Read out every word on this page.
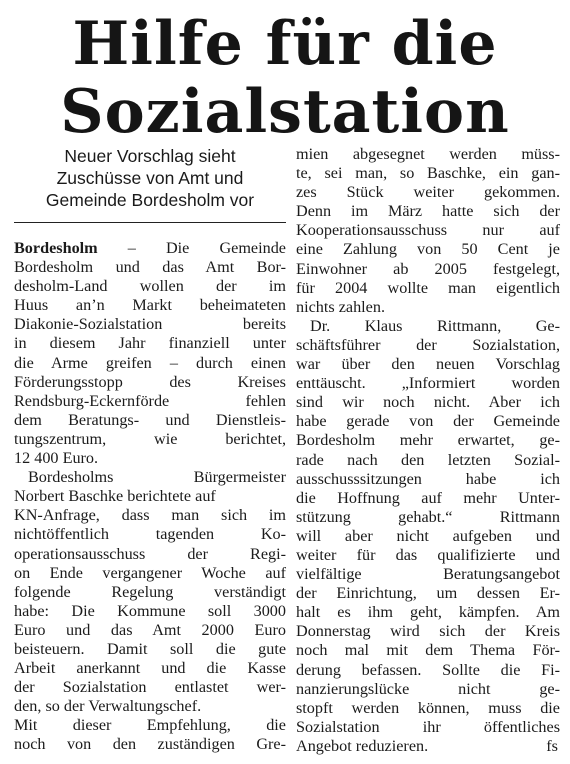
Hilfe für die
Sozialstation
Neuer Vorschlag sieht
Zuschüsse von Amt und
Gemeinde Bordesholm vor
Bordesholm – Die Gemeinde
Bordesholm und das Amt Bor-
desholm-Land wollen der im
Huus an’n Markt beheimateten
Diakonie-Sozialstation bereits
in diesem Jahr finanziell unter
die Arme greifen – durch einen
Förderungsstopp des Kreises
Rendsburg-Eckernförde fehlen
dem Beratungs- und Dienstleis-
tungszentrum, wie berichtet,
12 400 Euro.
Bordesholms Bürgermeister
Norbert Baschke berichtete auf
KN-Anfrage, dass man sich im
nichtöffentlich tagenden Ko-
operationsausschuss der Regi-
on Ende vergangener Woche auf
folgende Regelung verständigt
habe: Die Kommune soll 3000
Euro und das Amt 2000 Euro
beisteuern. Damit soll die gute
Arbeit anerkannt und die Kasse
der Sozialstation entlastet wer-
den, so der Verwaltungschef.
Mit dieser Empfehlung, die
noch von den zuständigen Gre-
mien abgesegnet werden müss-
te, sei man, so Baschke, ein gan-
zes Stück weiter gekommen.
Denn im März hatte sich der
Kooperationsausschuss nur auf
eine Zahlung von 50 Cent je
Einwohner ab 2005 festgelegt,
für 2004 wollte man eigentlich
nichts zahlen.
Dr. Klaus Rittmann, Ge-
schäftsführer der Sozialstation,
war über den neuen Vorschlag
enttäuscht. „Informiert worden
sind wir noch nicht. Aber ich
habe gerade von der Gemeinde
Bordesholm mehr erwartet, ge-
rade nach den letzten Sozial-
ausschusssitzungen habe ich
die Hoffnung auf mehr Unter-
stützung gehabt.“ Rittmann
will aber nicht aufgeben und
weiter für das qualifizierte und
vielfältige Beratungsangebot
der Einrichtung, um dessen Er-
halt es ihm geht, kämpfen. Am
Donnerstag wird sich der Kreis
noch mal mit dem Thema För-
derung befassen. Sollte die Fi-
nanzierungslücke nicht ge-
stopft werden können, muss die
Sozialstation ihr öffentliches
Angebot reduzieren.	fs
